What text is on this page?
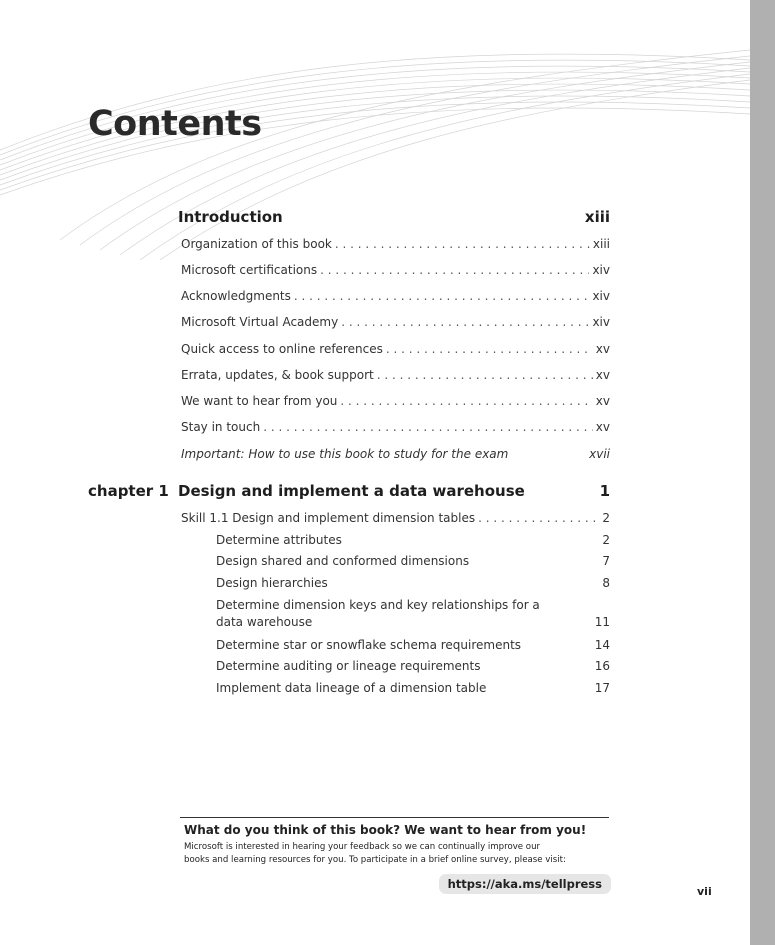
Contents
Introduction	xiii
Organization of this book . . .	xiii
Microsoft certifications . . .	xiv
Acknowledgments . . .	xiv
Microsoft Virtual Academy . . .	xiv
Quick access to online references . . .	xv
Errata, updates, & book support . . .	xv
We want to hear from you . . .	xv
Stay in touch . . .	xv
Important: How to use this book to study for the exam	xvii
chapter 1 Design and implement a data warehouse	1
Skill 1.1 Design and implement dimension tables . . .	2
Determine attributes	2
Design shared and conformed dimensions	7
Design hierarchies	8
Determine dimension keys and key relationships for a
data warehouse	11
Determine star or snowflake schema requirements	14
Determine auditing or lineage requirements	16
Implement data lineage of a dimension table	17

What do you think of this book? We want to hear from you!

Microsoft is interested in hearing your feedback so we can continually improve our
books and learning resources for you. To participate in a brief online survey, please visit:

https://aka.ms/tellpress
vii
